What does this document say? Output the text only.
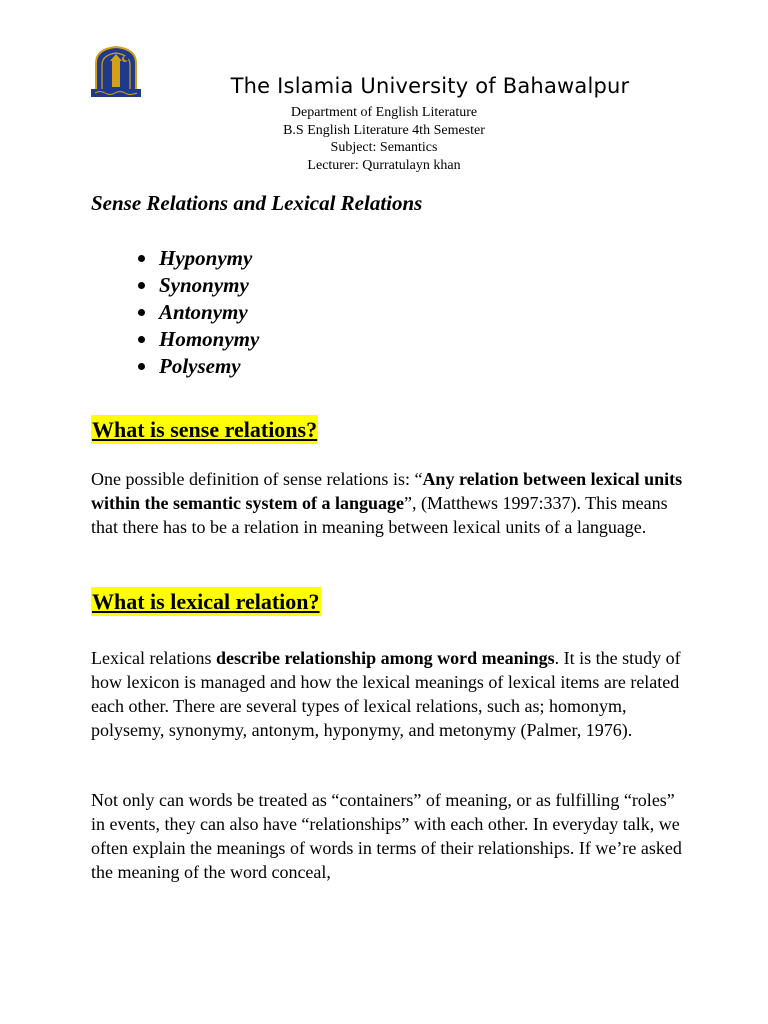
The Islamia University of Bahawalpur
Department of English Literature
B.S English Literature 4th Semester
Subject: Semantics
Lecturer: Qurratulayn khan
Sense Relations and Lexical Relations
Hyponymy
Synonymy
Antonymy
Homonymy
Polysemy
What is sense relations?

One possible definition of sense relations is: “Any relation between lexical units within the semantic system of a language”, (Matthews 1997:337). This means that there has to be a relation in meaning between lexical units of a language.

What is lexical relation?

Lexical relations describe relationship among word meanings. It is the study of how lexicon is managed and how the lexical meanings of lexical items are related each other. There are several types of lexical relations, such as; homonym, polysemy, synonymy, antonym, hyponymy, and metonymy (Palmer, 1976).

Not only can words be treated as “containers” of meaning, or as fulfilling “roles” in events, they can also have “relationships” with each other. In everyday talk, we often explain the meanings of words in terms of their relationships. If we’re asked the meaning of the word conceal,
